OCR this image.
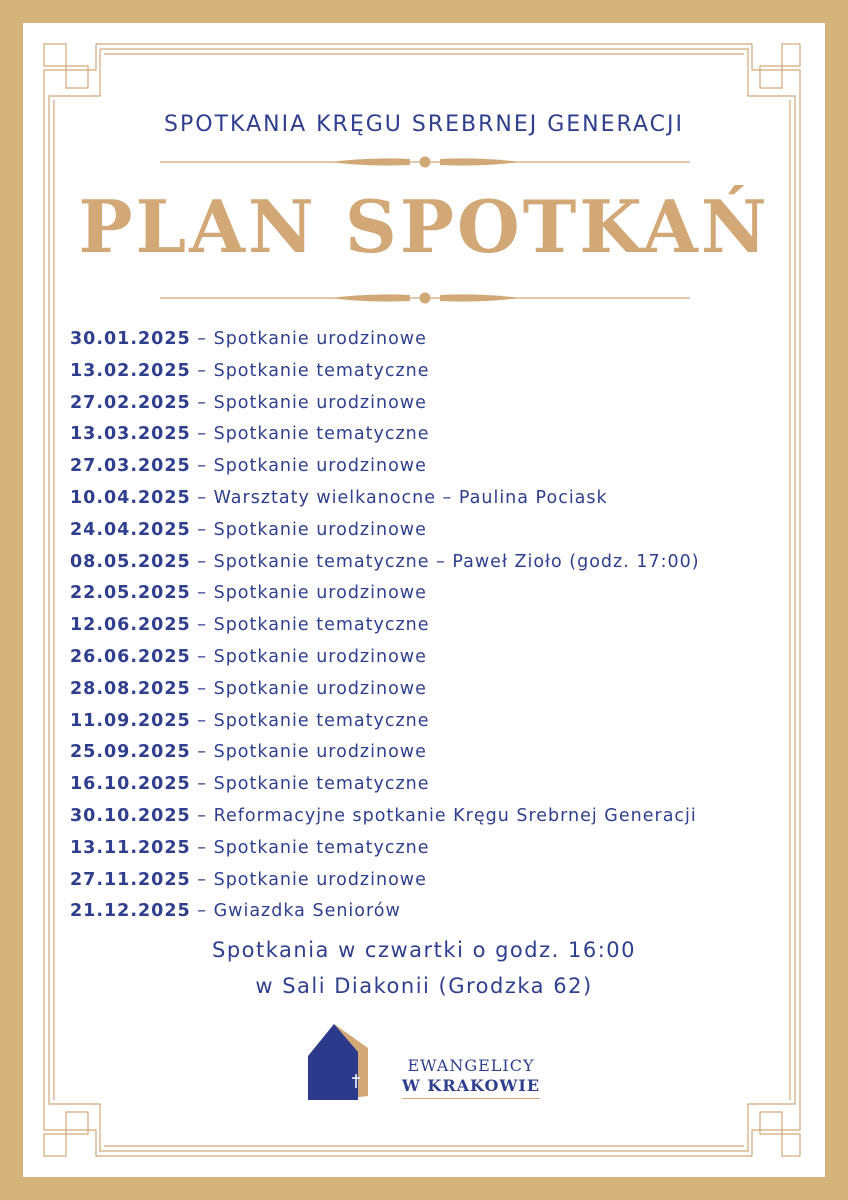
SPOTKANIA KRĘGU SREBRNEJ GENERACJI
PLAN SPOTKAŃ
30.01.2025 – Spotkanie urodzinowe
13.02.2025 – Spotkanie tematyczne
27.02.2025 – Spotkanie urodzinowe
13.03.2025 – Spotkanie tematyczne
27.03.2025 – Spotkanie urodzinowe
10.04.2025 – Warsztaty wielkanocne – Paulina Pociask
24.04.2025 – Spotkanie urodzinowe
08.05.2025 – Spotkanie tematyczne – Paweł Zioło (godz. 17:00)
22.05.2025 – Spotkanie urodzinowe
12.06.2025 – Spotkanie tematyczne
26.06.2025 – Spotkanie urodzinowe
28.08.2025 – Spotkanie urodzinowe
11.09.2025 – Spotkanie tematyczne
25.09.2025 – Spotkanie urodzinowe
16.10.2025 – Spotkanie tematyczne
30.10.2025 – Reformacyjne spotkanie Kręgu Srebrnej Generacji
13.11.2025 – Spotkanie tematyczne
27.11.2025 – Spotkanie urodzinowe
21.12.2025 – Gwiazdka Seniorów
Spotkania w czwartki o godz. 16:00
w Sali Diakonii (Grodzka 62)
EWANGELICY
W KRAKOWIE
